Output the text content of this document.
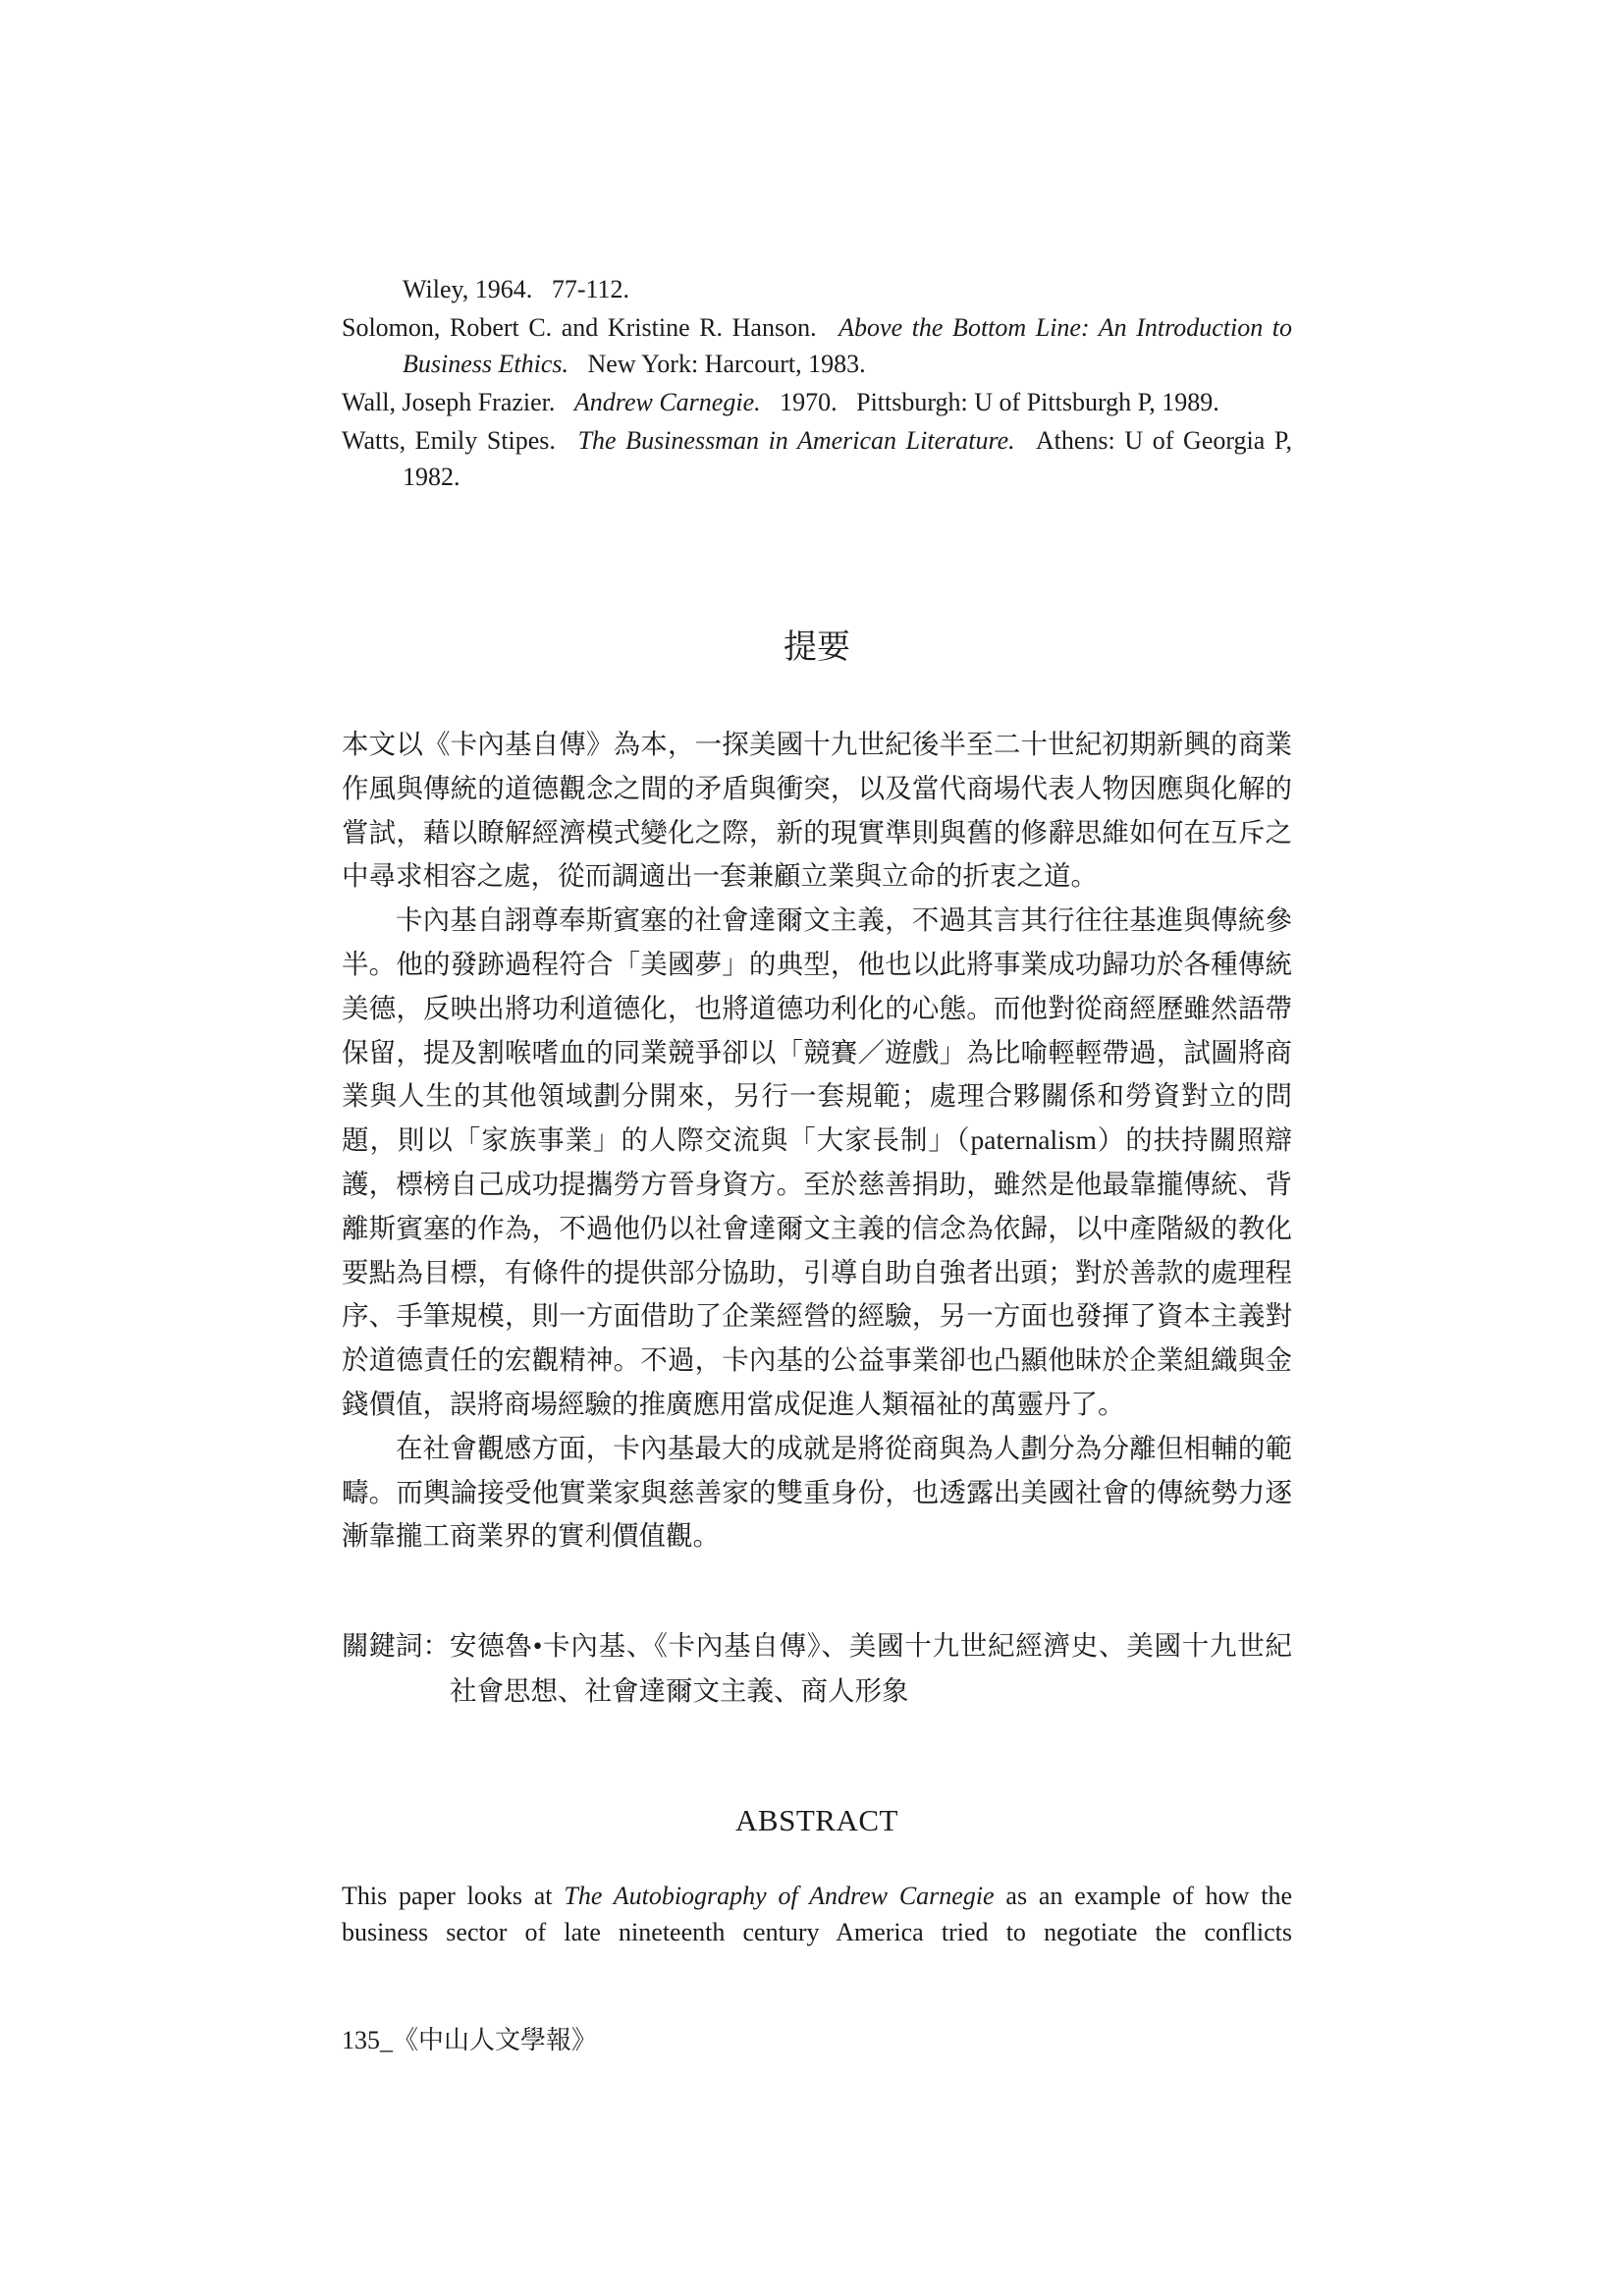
Wiley, 1964. 77-112.
Solomon, Robert C. and Kristine R. Hanson. Above the Bottom Line: An Introduction to Business Ethics. New York: Harcourt, 1983.
Wall, Joseph Frazier. Andrew Carnegie. 1970. Pittsburgh: U of Pittsburgh P, 1989.
Watts, Emily Stipes. The Businessman in American Literature. Athens: U of Georgia P, 1982.
提要

本文以《卡內基自傳》為本，一探美國十九世紀後半至二十世紀初期新興的商業作風與傳統的道德觀念之間的矛盾與衝突，以及當代商場代表人物因應與化解的嘗試，藉以瞭解經濟模式變化之際，新的現實準則與舊的修辭思維如何在互斥之中尋求相容之處，從而調適出一套兼顧立業與立命的折衷之道。

卡內基自詡尊奉斯賓塞的社會達爾文主義，不過其言其行往往基進與傳統參半。他的發跡過程符合「美國夢」的典型，他也以此將事業成功歸功於各種傳統美德，反映出將功利道德化，也將道德功利化的心態。而他對從商經歷雖然語帶保留，提及割喉嗜血的同業競爭卻以「競賽／遊戲」為比喻輕輕帶過，試圖將商業與人生的其他領域劃分開來，另行一套規範；處理合夥關係和勞資對立的問題，則以「家族事業」的人際交流與「大家長制」（paternalism）的扶持關照辯護，標榜自己成功提攜勞方晉身資方。至於慈善捐助，雖然是他最靠攏傳統、背離斯賓塞的作為，不過他仍以社會達爾文主義的信念為依歸，以中產階級的教化要點為目標，有條件的提供部分協助，引導自助自強者出頭；對於善款的處理程序、手筆規模，則一方面借助了企業經營的經驗，另一方面也發揮了資本主義對於道德責任的宏觀精神。不過，卡內基的公益事業卻也凸顯他昧於企業組織與金錢價值，誤將商場經驗的推廣應用當成促進人類福祉的萬靈丹了。

在社會觀感方面，卡內基最大的成就是將從商與為人劃分為分離但相輔的範疇。而輿論接受他實業家與慈善家的雙重身份，也透露出美國社會的傳統勢力逐漸靠攏工商業界的實利價值觀。

關鍵詞： 安德魯•卡內基、《卡內基自傳》、美國十九世紀經濟史、美國十九世紀社會思想、社會達爾文主義、商人形象
ABSTRACT

This paper looks at The Autobiography of Andrew Carnegie as an example of how the business sector of late nineteenth century America tried to negotiate the conflicts

135_《中山人文學報》
